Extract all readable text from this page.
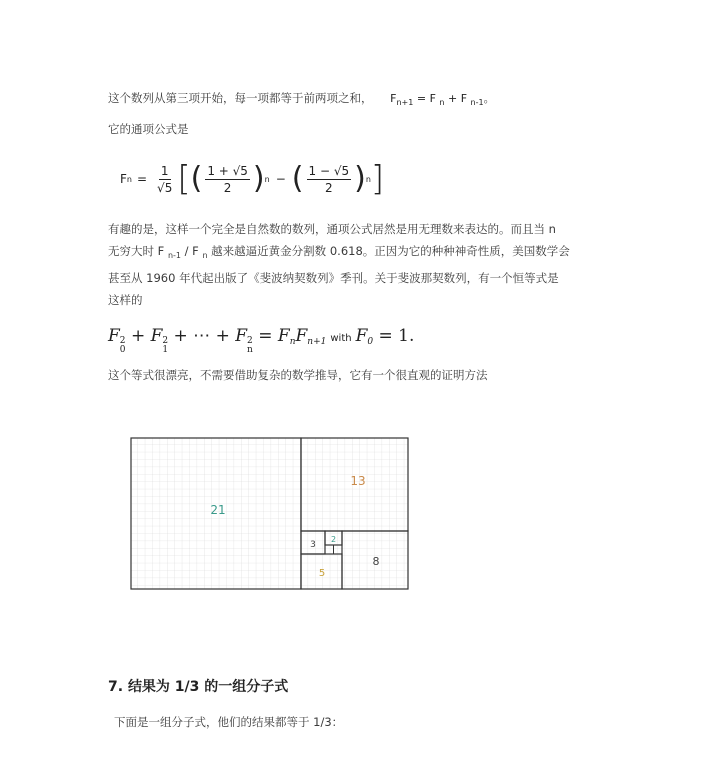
这个数列从第三项开始，每一项都等于前两项之和， $F_{n+1} = F$ $_n$ + F $_{n-1}$。
它的通项公式是
F $n = \frac{1}{√5}$ [ ( $\frac{1 + √5}{2}$ ) n − ( $\frac{1 - √5}{2}$ ) n ]
有趣的是，这样一个完全是自然数的数列，通项公式居然是用无理数来表达的。而且当 n
无穷大时 F $_{n-1}$ / F $_n$ 越来越逼近黄金分割数 0.618。正因为它的种种神奇性质，美国数学会
甚至从 1960 年代起出版了《斐波纳契数列》季刊。关于斐波那契数列，有一个恒等式是
这样的
F 2
0
+ F 2
1
+ ⋯ + F 2
n
= $F_nF_{n+1}$ with $F_0 = 1$.
这个等式很漂亮，不需要借助复杂的数学推导，它有一个很直观的证明方法
21
13
8
5
3
2
7. 结果为 1/3 的一组分子式
下面是一组分子式，他们的结果都等于 1/3：
